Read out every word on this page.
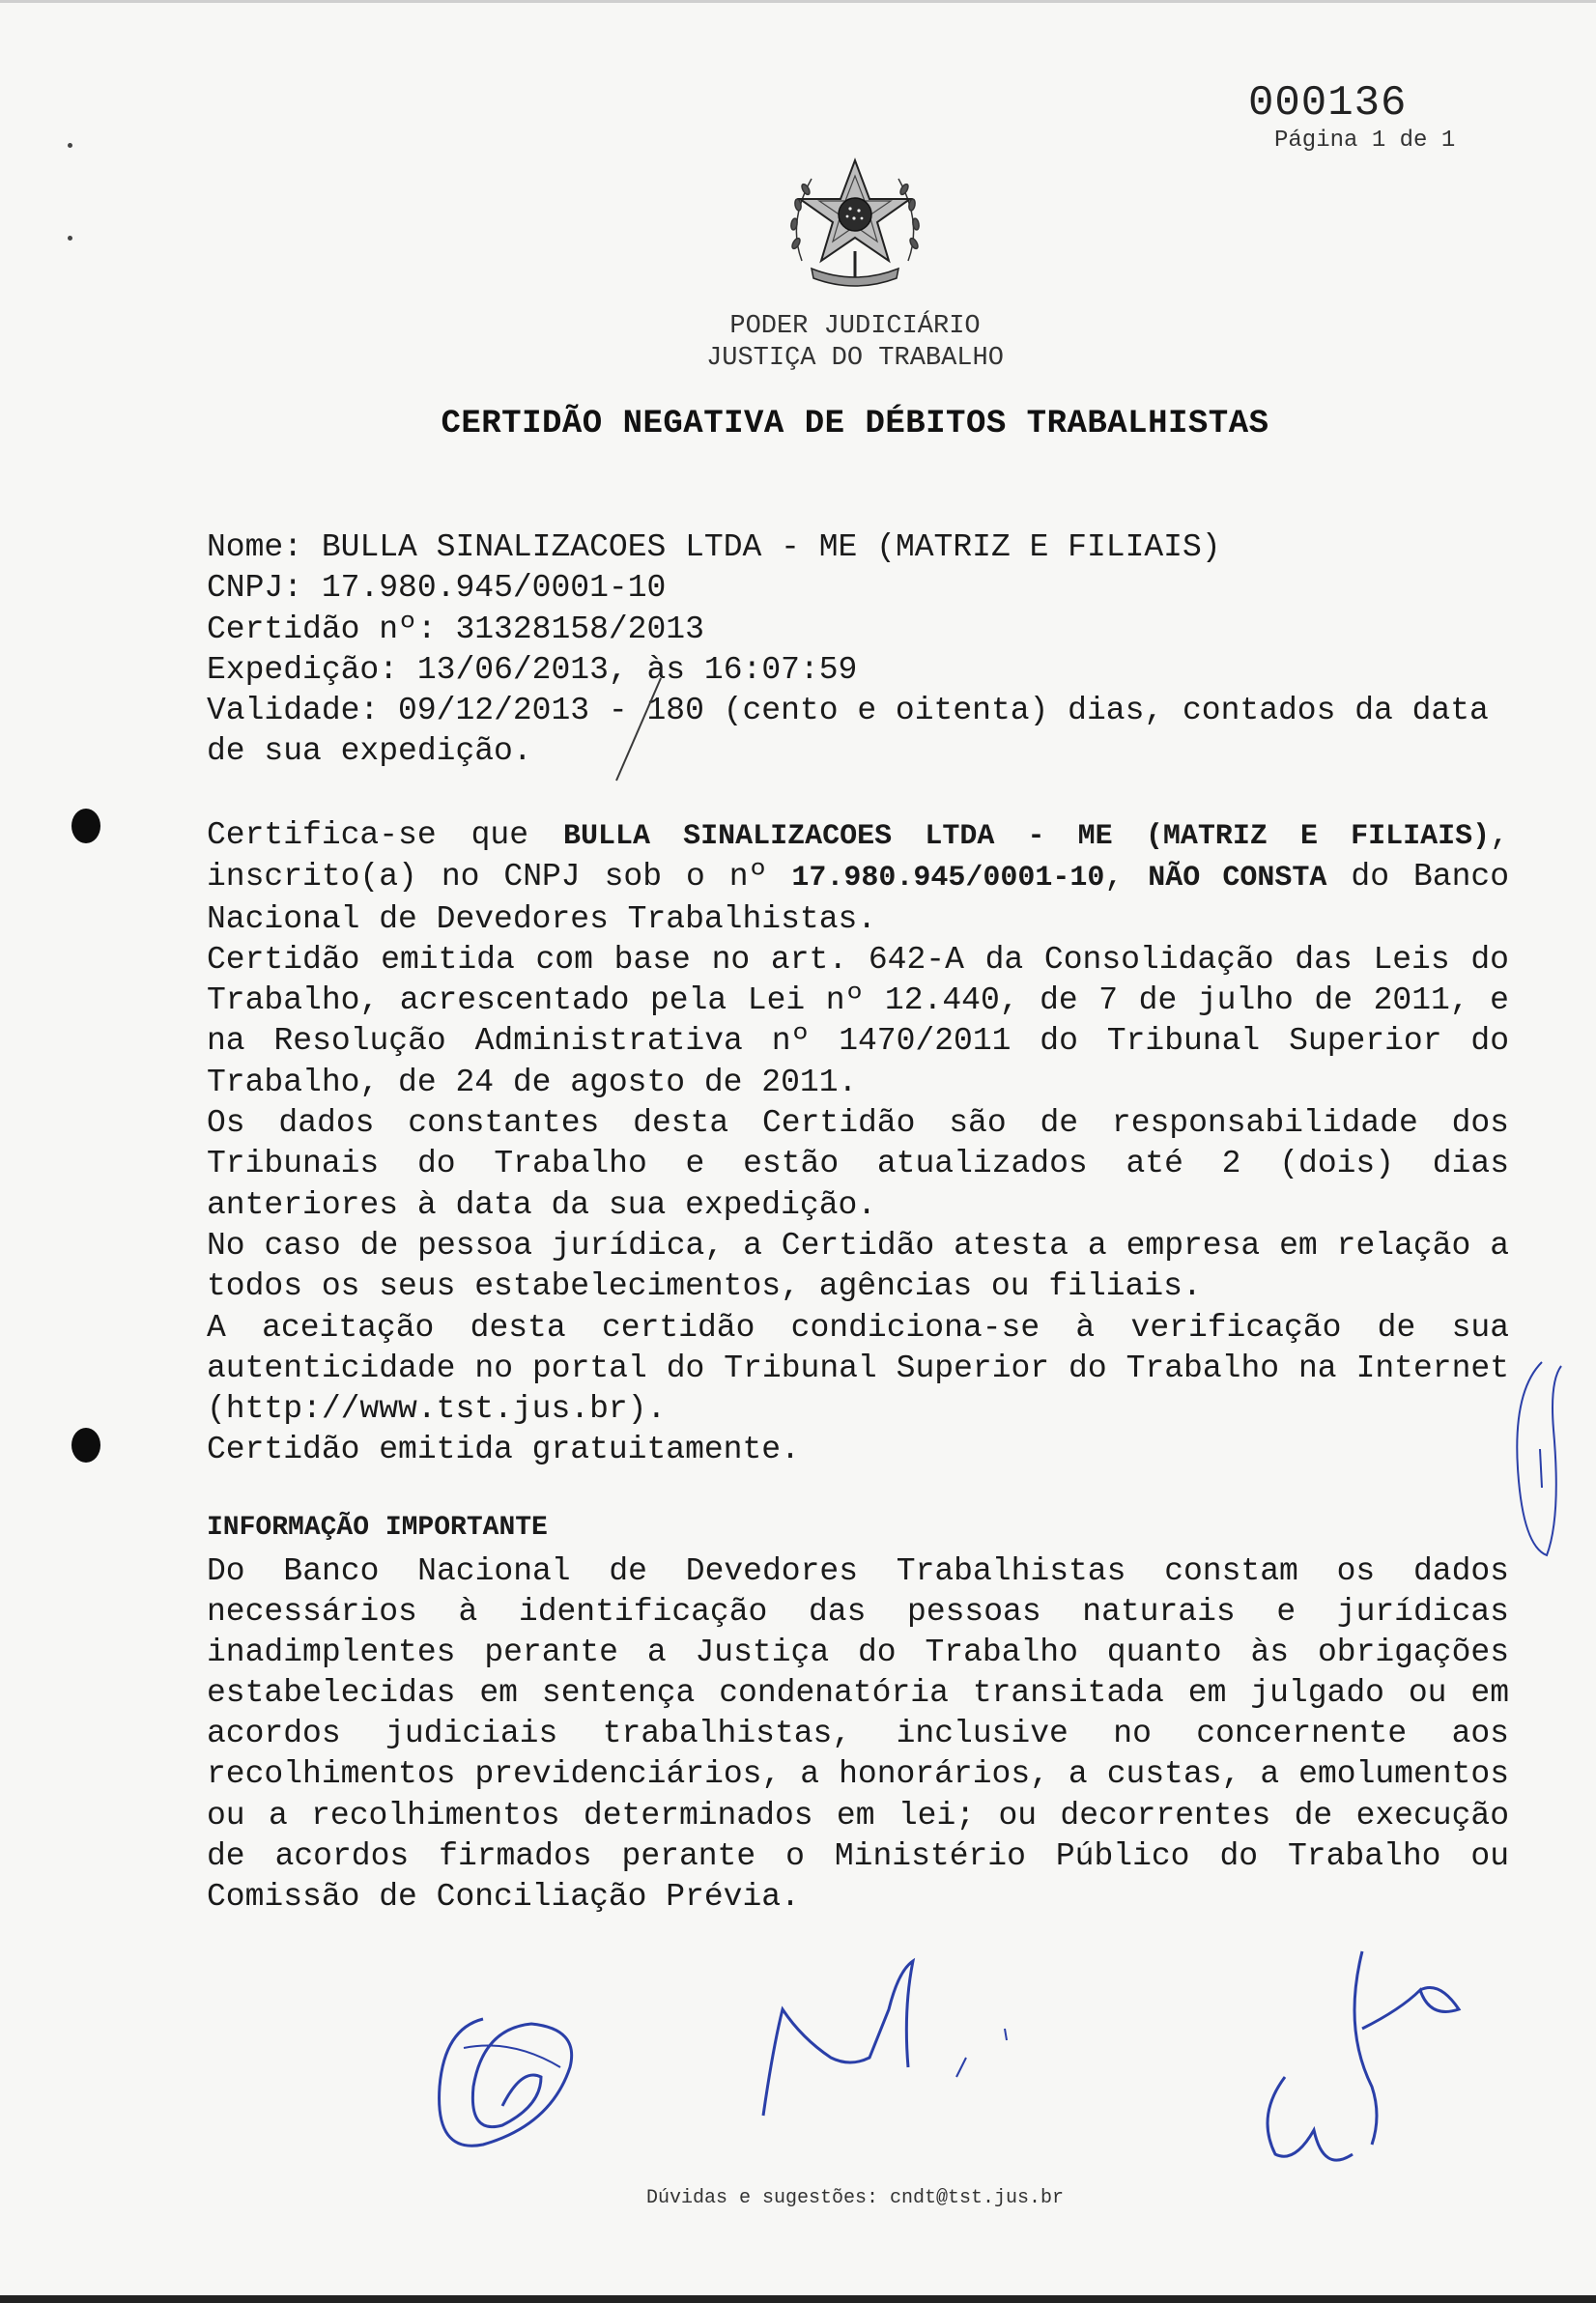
000136
Página 1 de 1
PODER JUDICIÁRIO
JUSTIÇA DO TRABALHO
CERTIDÃO NEGATIVA DE DÉBITOS TRABALHISTAS
Nome: BULLA SINALIZACOES LTDA - ME (MATRIZ E FILIAIS)
CNPJ: 17.980.945/0001-10
Certidão nº: 31328158/2013
Expedição: 13/06/2013, às 16:07:59
Validade: 09/12/2013 - 180 (cento e oitenta) dias, contados da data
de sua expedição.

Certifica-se que BULLA SINALIZACOES LTDA - ME (MATRIZ E FILIAIS), inscrito(a) no CNPJ sob o nº 17.980.945/0001-10, NÃO CONSTA do Banco Nacional de Devedores Trabalhistas.

Certidão emitida com base no art. 642-A da Consolidação das Leis do Trabalho, acrescentado pela Lei nº 12.440, de 7 de julho de 2011, e na Resolução Administrativa nº 1470/2011 do Tribunal Superior do Trabalho, de 24 de agosto de 2011.

Os dados constantes desta Certidão são de responsabilidade dos Tribunais do Trabalho e estão atualizados até 2 (dois) dias anteriores à data da sua expedição.

No caso de pessoa jurídica, a Certidão atesta a empresa em relação a todos os seus estabelecimentos, agências ou filiais.

A aceitação desta certidão condiciona-se à verificação de sua autenticidade no portal do Tribunal Superior do Trabalho na Internet (http://www.tst.jus.br).

Certidão emitida gratuitamente.

INFORMAÇÃO IMPORTANTE

Do Banco Nacional de Devedores Trabalhistas constam os dados necessários à identificação das pessoas naturais e jurídicas inadimplentes perante a Justiça do Trabalho quanto às obrigações estabelecidas em sentença condenatória transitada em julgado ou em acordos judiciais trabalhistas, inclusive no concernente aos recolhimentos previdenciários, a honorários, a custas, a emolumentos ou a recolhimentos determinados em lei; ou decorrentes de execução de acordos firmados perante o Ministério Público do Trabalho ou Comissão de Conciliação Prévia.

Dúvidas e sugestões: cndt@tst.jus.br
